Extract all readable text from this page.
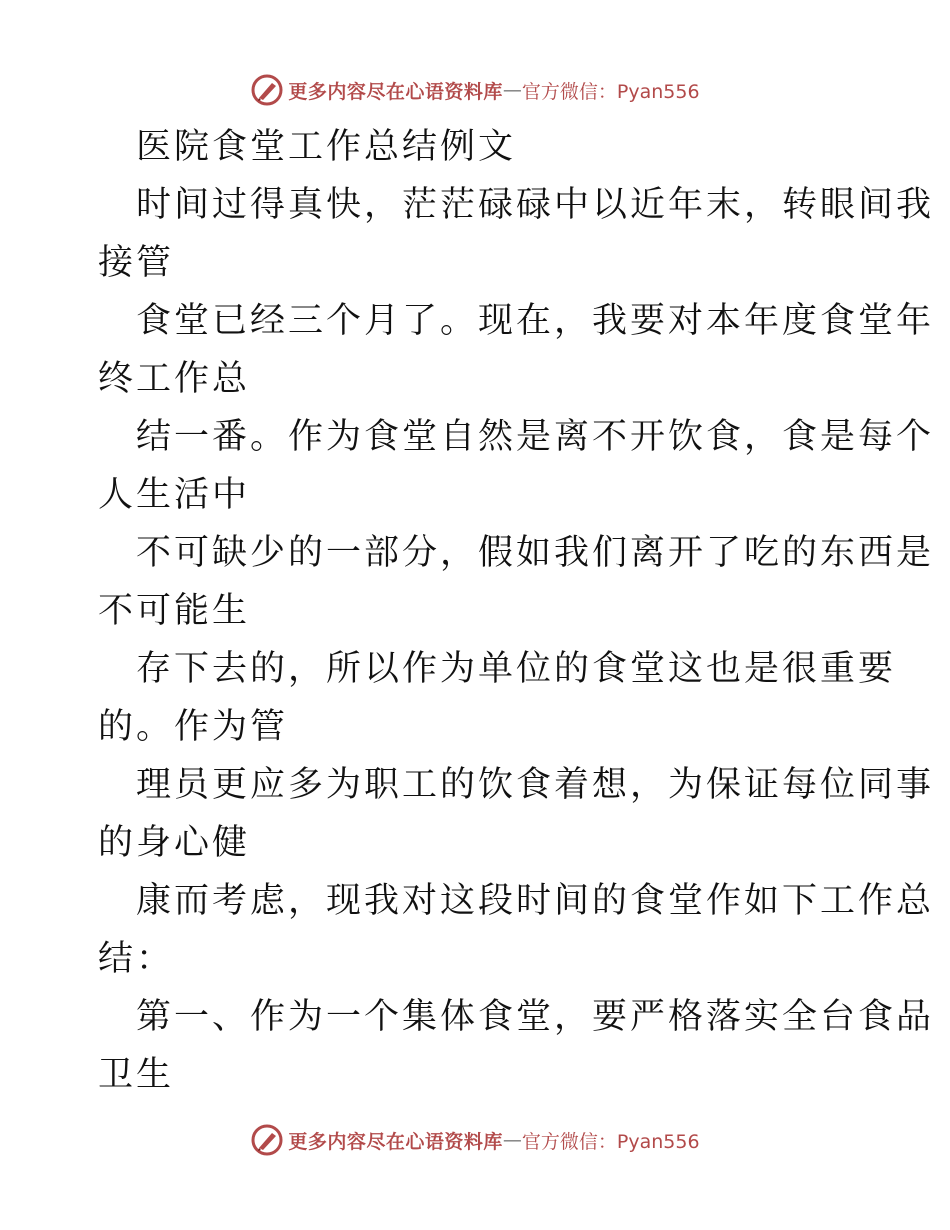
更多内容尽在心语资料库 — 官方微信：Pyan556
医院食堂工作总结例文
时间过得真快，茫茫碌碌中以近年末，转眼间我
接管
食堂已经三个月了。现在，我要对本年度食堂年
终工作总
结一番。作为食堂自然是离不开饮食，食是每个
人生活中
不可缺少的一部分，假如我们离开了吃的东西是
不可能生
存下去的，所以作为单位的食堂这也是很重要
的。作为管
理员更应多为职工的饮食着想，为保证每位同事
的身心健
康而考虑，现我对这段时间的食堂作如下工作总
结：
第一、作为一个集体食堂，要严格落实全台食品
卫生
更多内容尽在心语资料库 — 官方微信：Pyan556
